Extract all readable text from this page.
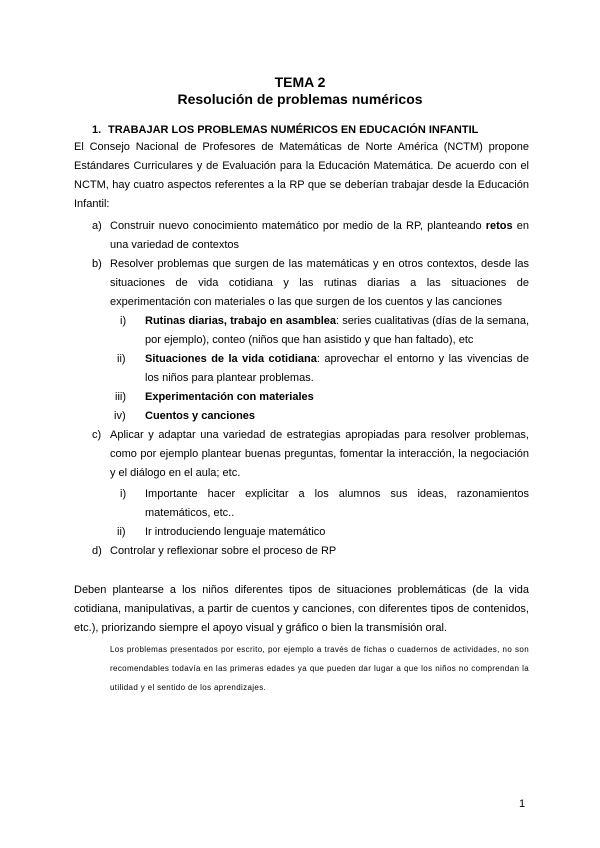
TEMA 2
Resolución de problemas numéricos
1. TRABAJAR LOS PROBLEMAS NUMÉRICOS EN EDUCACIÓN INFANTIL
El Consejo Nacional de Profesores de Matemáticas de Norte América (NCTM) propone Estándares Curriculares y de Evaluación para la Educación Matemática. De acuerdo con el NCTM, hay cuatro aspectos referentes a la RP que se deberían trabajar desde la Educación Infantil:
a) Construir nuevo conocimiento matemático por medio de la RP, planteando retos en una variedad de contextos
b) Resolver problemas que surgen de las matemáticas y en otros contextos, desde las situaciones de vida cotidiana y las rutinas diarias a las situaciones de experimentación con materiales o las que surgen de los cuentos y las canciones
i) Rutinas diarias, trabajo en asamblea: series cualitativas (días de la semana, por ejemplo), conteo (niños que han asistido y que han faltado), etc
ii) Situaciones de la vida cotidiana: aprovechar el entorno y las vivencias de los niños para plantear problemas.
iii) Experimentación con materiales
iv) Cuentos y canciones
c) Aplicar y adaptar una variedad de estrategias apropiadas para resolver problemas, como por ejemplo plantear buenas preguntas, fomentar la interacción, la negociación y el diálogo en el aula; etc.
i) Importante hacer explicitar a los alumnos sus ideas, razonamientos matemáticos, etc..
ii) Ir introduciendo lenguaje matemático
d) Controlar y reflexionar sobre el proceso de RP
Deben plantearse a los niños diferentes tipos de situaciones problemáticas (de la vida cotidiana, manipulativas, a partir de cuentos y canciones, con diferentes tipos de contenidos, etc.), priorizando siempre el apoyo visual y gráfico o bien la transmisión oral.
Los problemas presentados por escrito, por ejemplo a través de fichas o cuadernos de actividades, no son recomendables todavía en las primeras edades ya que pueden dar lugar a que los niños no comprendan la utilidad y el sentido de los aprendizajes.
1
